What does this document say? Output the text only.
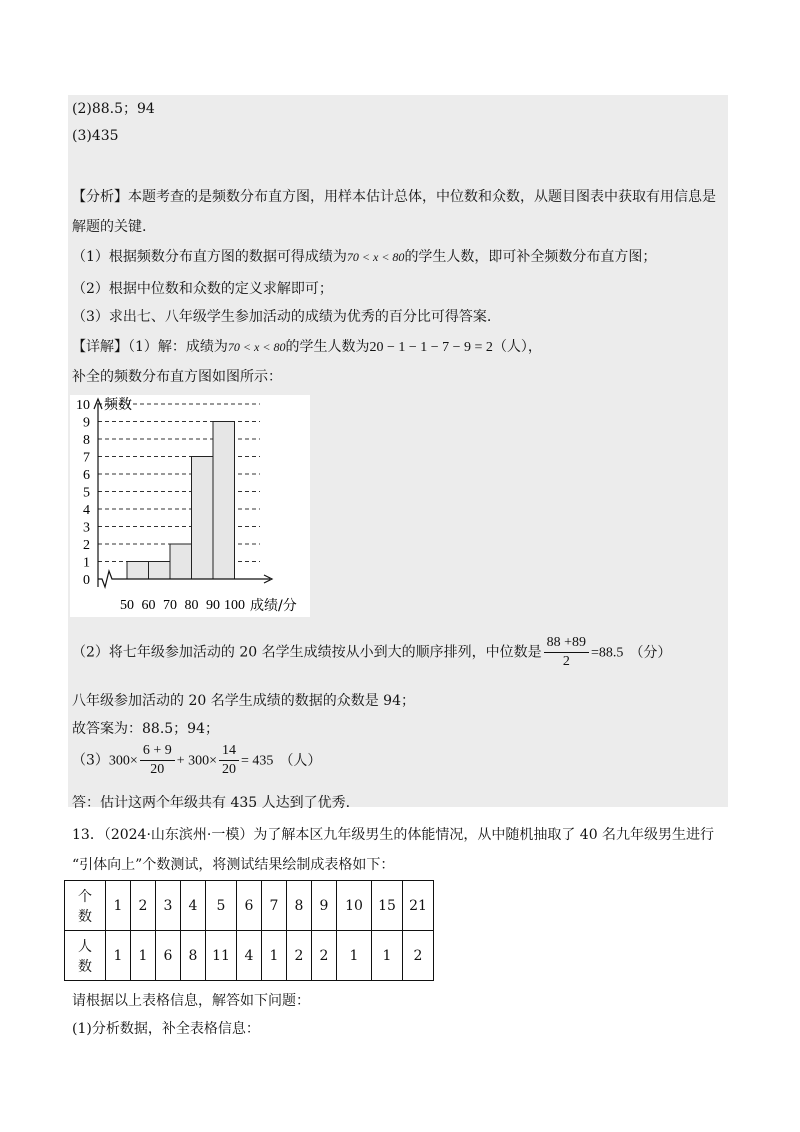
(2)88.5；94
(3)435
【分析】本题考查的是频数分布直方图，用样本估计总体，中位数和众数，从题目图表中获取有用信息是
解题的关键.
（1）根据频数分布直方图的数据可得成绩为70 < x < 80的学生人数，即可补全频数分布直方图；
（2）根据中位数和众数的定义求解即可；
（3）求出七、八年级学生参加活动的成绩为优秀的百分比可得答案.
【详解】（1）解：成绩为70 < x < 80的学生人数为20 − 1 − 1 − 7 − 9 = 2（人），
补全的频数分布直方图如图所示：
0
1
2
3
4
5
6
7
8
9
10
50 60 70 80 90 100
频数
成绩/分
（2）将七年级参加活动的 20 名学生成绩按从小到大的顺序排列，中位数是 $\frac{88 +89}{2} =88.5$ （分）
八年级参加活动的 20 名学生成绩的数据的众数是 94；
故答案为：88.5；94；
$(3)300\times \frac{6 + 9}{20} + 300\times \frac{14}{20} = 435$ （人）
答：估计这两个年级共有 435 人达到了优秀.
13．（2024·山东滨州·一模）为了解本区九年级男生的体能情况，从中随机抽取了 40 名九年级男生进行
“引体向上”个数测试，将测试结果绘制成表格如下：
个
数	1	2	3	4	5	6	7	8	9	10	15	21

人
数	1	1	6	8	11	4	1	2	2	1	1	2
请根据以上表格信息，解答如下问题：
(1)分析数据，补全表格信息：
